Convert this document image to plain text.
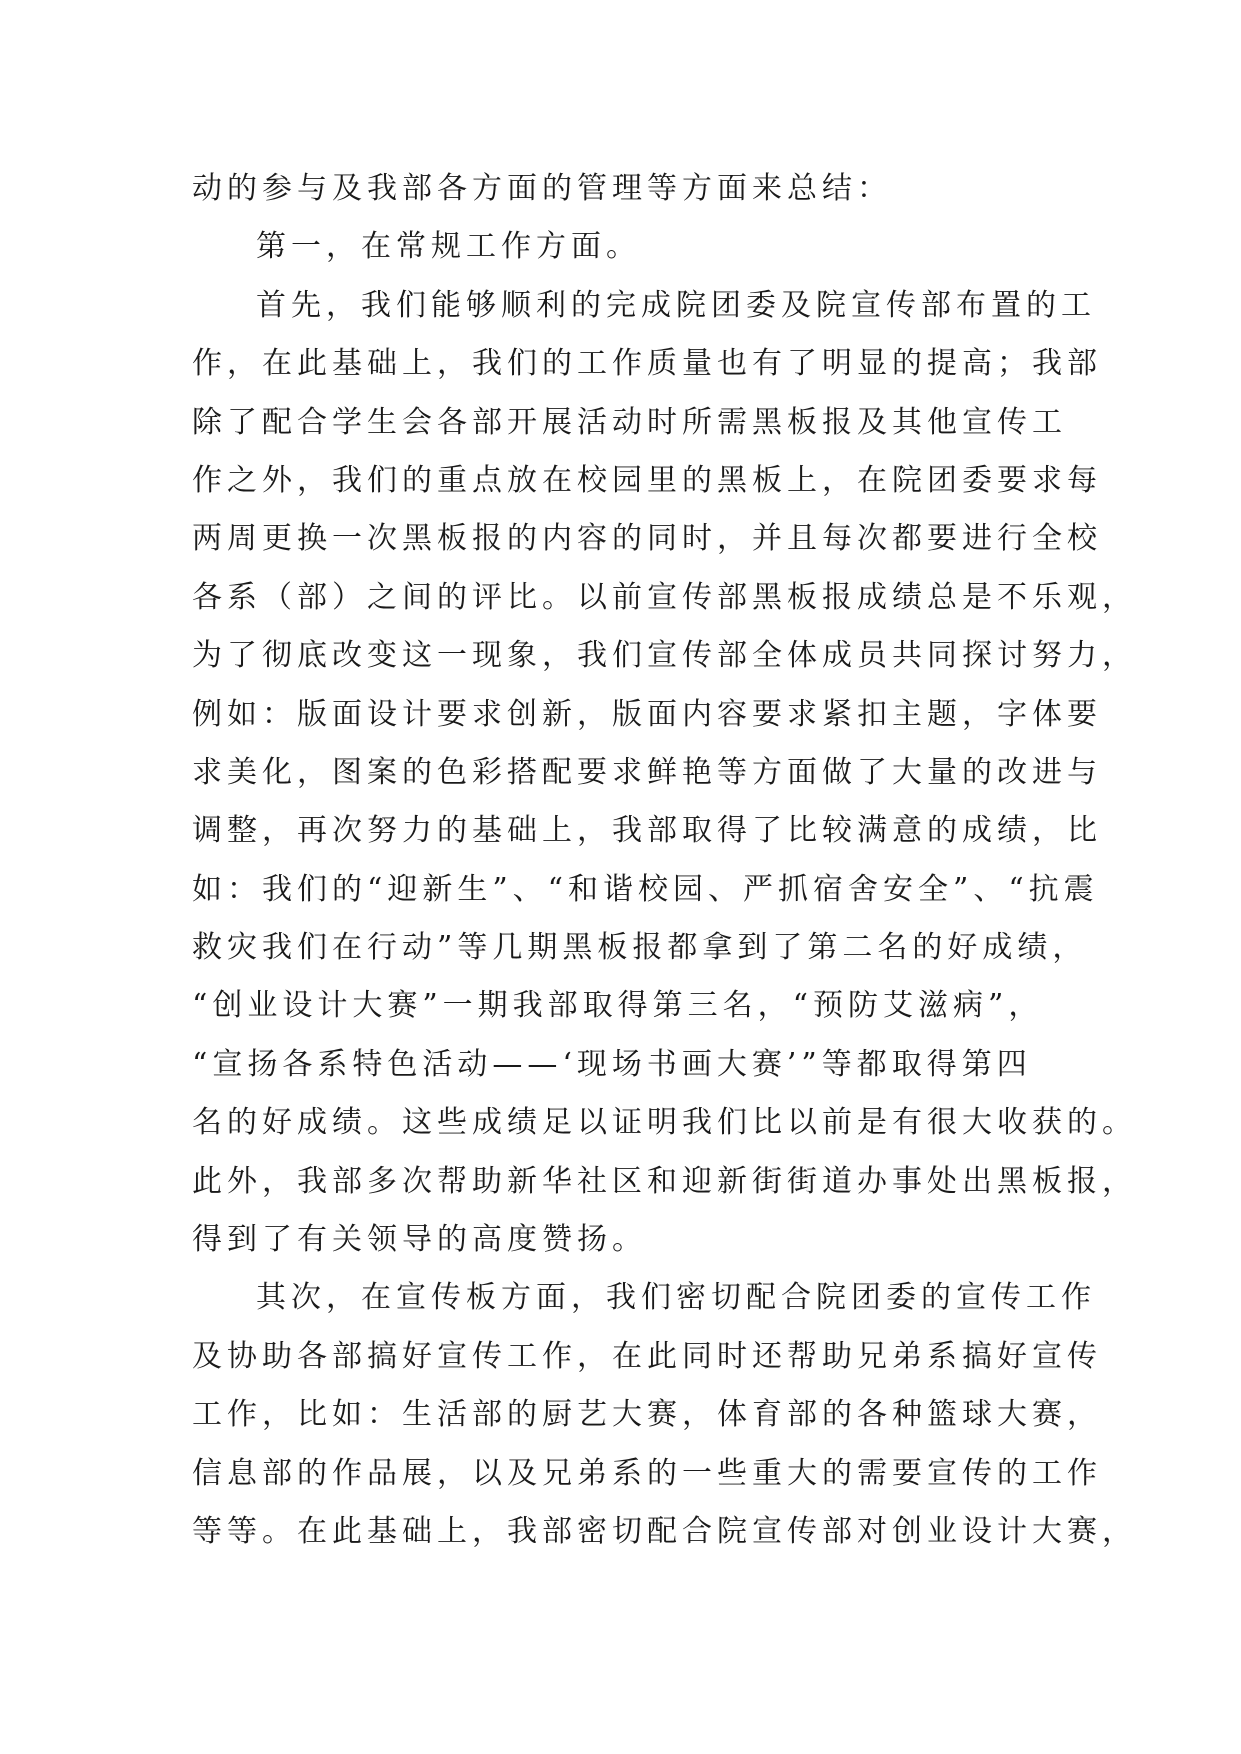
动的参与及我部各方面的管理等方面来总结：
第一，在常规工作方面。
首先，我们能够顺利的完成院团委及院宣传部布置的工
作，在此基础上，我们的工作质量也有了明显的提高；我部
除了配合学生会各部开展活动时所需黑板报及其他宣传工
作之外，我们的重点放在校园里的黑板上，在院团委要求每
两周更换一次黑板报的内容的同时，并且每次都要进行全校
各系（部）之间的评比。以前宣传部黑板报成绩总是不乐观，
为了彻底改变这一现象，我们宣传部全体成员共同探讨努力，
例如：版面设计要求创新，版面内容要求紧扣主题，字体要
求美化，图案的色彩搭配要求鲜艳等方面做了大量的改进与
调整，再次努力的基础上，我部取得了比较满意的成绩，比
如：我们的“迎新生”、“和谐校园、严抓宿舍安全”、“抗震
救灾我们在行动”等几期黑板报都拿到了第二名的好成绩，
“创业设计大赛”一期我部取得第三名，“预防艾滋病”，
“宣扬各系特色活动——‘现场书画大赛’”等都取得第四
名的好成绩。这些成绩足以证明我们比以前是有很大收获的。
此外，我部多次帮助新华社区和迎新街街道办事处出黑板报，
得到了有关领导的高度赞扬。
其次，在宣传板方面，我们密切配合院团委的宣传工作
及协助各部搞好宣传工作，在此同时还帮助兄弟系搞好宣传
工作，比如：生活部的厨艺大赛，体育部的各种篮球大赛，
信息部的作品展，以及兄弟系的一些重大的需要宣传的工作
等等。在此基础上，我部密切配合院宣传部对创业设计大赛，
